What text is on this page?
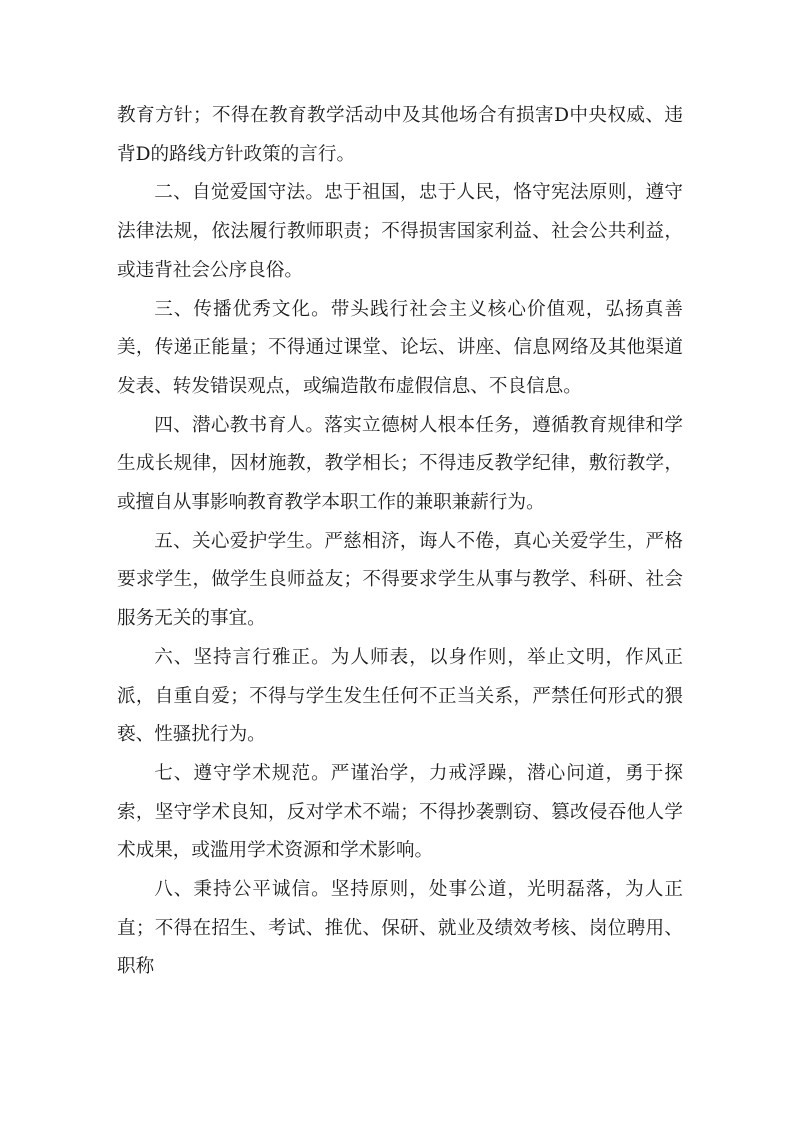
教育方针；不得在教育教学活动中及其他场合有损害D中央权威、违背D的路线方针政策的言行。

二、自觉爱国守法。忠于祖国，忠于人民，恪守宪法原则，遵守法律法规，依法履行教师职责；不得损害国家利益、社会公共利益，或违背社会公序良俗。

三、传播优秀文化。带头践行社会主义核心价值观，弘扬真善美，传递正能量；不得通过课堂、论坛、讲座、信息网络及其他渠道发表、转发错误观点，或编造散布虚假信息、不良信息。

四、潜心教书育人。落实立德树人根本任务，遵循教育规律和学生成长规律，因材施教，教学相长；不得违反教学纪律，敷衍教学，或擅自从事影响教育教学本职工作的兼职兼薪行为。

五、关心爱护学生。严慈相济，诲人不倦，真心关爱学生，严格要求学生，做学生良师益友；不得要求学生从事与教学、科研、社会服务无关的事宜。

六、坚持言行雅正。为人师表，以身作则，举止文明，作风正派，自重自爱；不得与学生发生任何不正当关系，严禁任何形式的猥亵、性骚扰行为。

七、遵守学术规范。严谨治学，力戒浮躁，潜心问道，勇于探索，坚守学术良知，反对学术不端；不得抄袭剽窃、篡改侵吞他人学术成果，或滥用学术资源和学术影响。

八、秉持公平诚信。坚持原则，处事公道，光明磊落，为人正直；不得在招生、考试、推优、保研、就业及绩效考核、岗位聘用、职称
